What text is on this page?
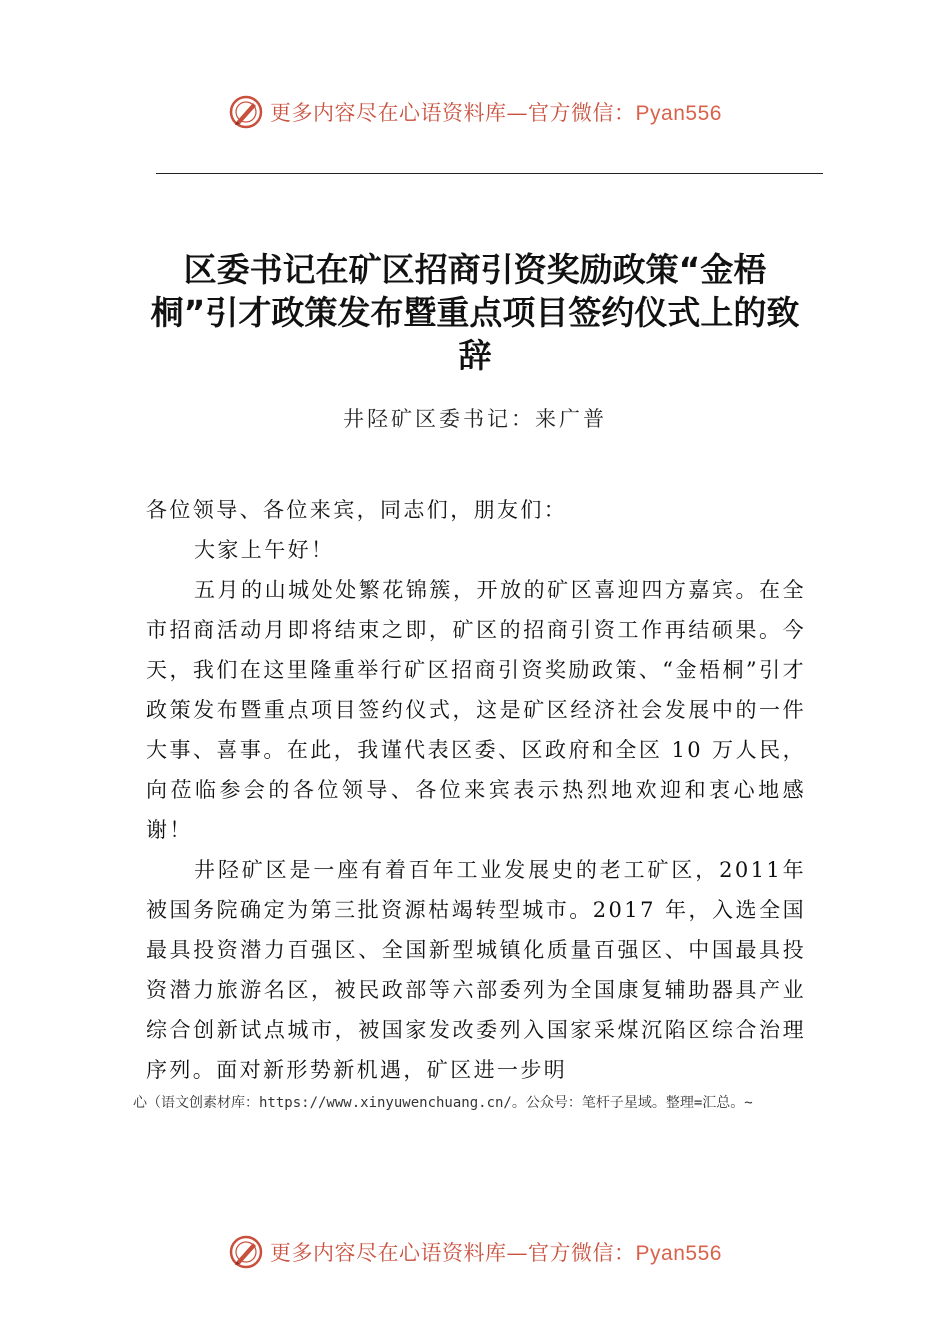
更多内容尽在心语资料库—官方微信：Pyan556
区委书记在矿区招商引资奖励政策“金梧桐”引才政策发布暨重点项目签约仪式上的致辞
井陉矿区委书记：来广普

各位领导、各位来宾，同志们，朋友们：

大家上午好！

五月的山城处处繁花锦簇，开放的矿区喜迎四方嘉宾。在全市招商活动月即将结束之即，矿区的招商引资工作再结硕果。今天，我们在这里隆重举行矿区招商引资奖励政策、“金梧桐”引才政策发布暨重点项目签约仪式，这是矿区经济社会发展中的一件大事、喜事。在此，我谨代表区委、区政府和全区 10 万人民，向莅临参会的各位领导、各位来宾表示热烈地欢迎和衷心地感谢！

井陉矿区是一座有着百年工业发展史的老工矿区，2011年被国务院确定为第三批资源枯竭转型城市。2017 年，入选全国最具投资潜力百强区、全国新型城镇化质量百强区、中国最具投资潜力旅游名区，被民政部等六部委列为全国康复辅助器具产业综合创新试点城市，被国家发改委列入国家采煤沉陷区综合治理序列。面对新形势新机遇，矿区进一步明

心（语文创素材库：https://www.xinyuwenchuang.cn/。公众号：笔杆子星域。整理=汇总。~
更多内容尽在心语资料库—官方微信：Pyan556
